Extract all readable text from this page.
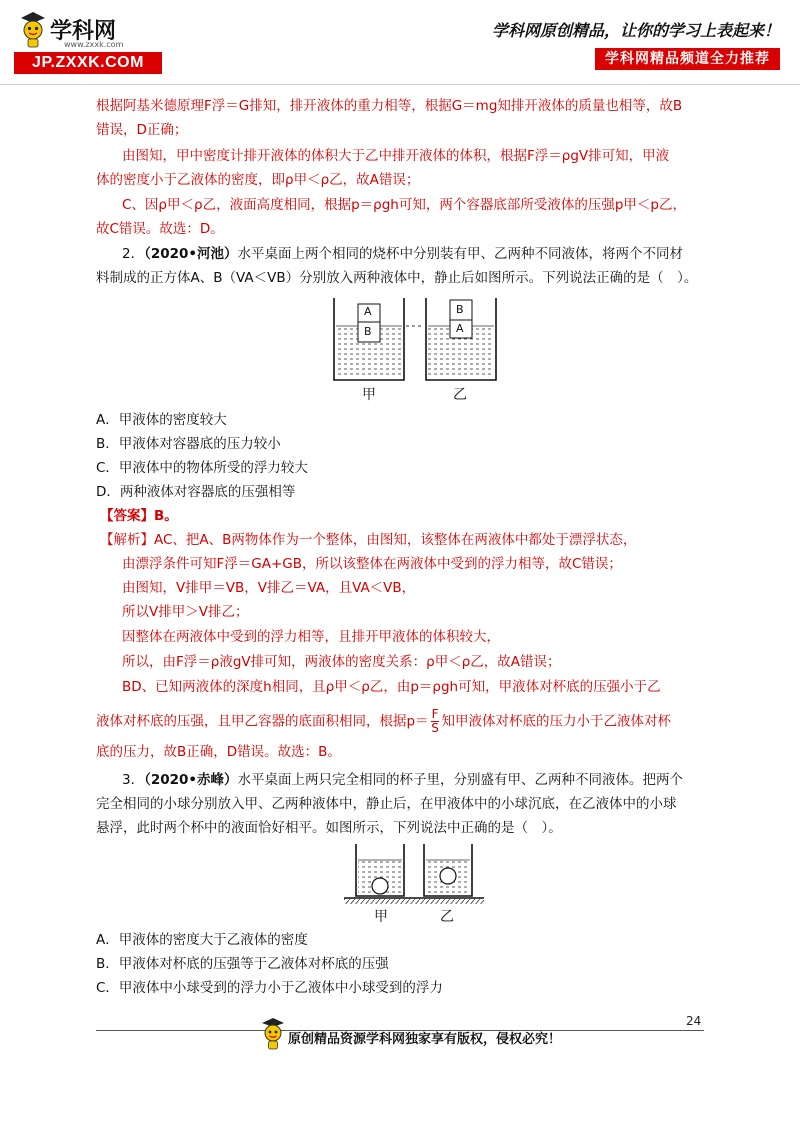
学科网
www.zxxk.com
JP.ZXXK.COM
学科网原创精品，让你的学习上表起来！
学科网精品频道全力推荐
根据阿基米德原理F浮＝G排知，排开液体的重力相等，根据G＝mg知排开液体的质量也相等，故B
错误，D正确；
由图知，甲中密度计排开液体的体积大于乙中排开液体的体积，根据F浮＝ρgV排可知，甲液
体的密度小于乙液体的密度，即ρ甲＜ρ乙，故A错误；
C、因ρ甲＜ρ乙，液面高度相同，根据p＝ρgh可知，两个容器底部所受液体的压强p甲＜p乙，
故C错误。故选：D。
2．（2020•河池）水平桌面上两个相同的烧杯中分别装有甲、乙两种不同液体，将两个不同材
料制成的正方体A、B（VA＜VB）分别放入两种液体中，静止后如图所示。下列说法正确的是（　）。
A
B
B
A
甲	乙
A．甲液体的密度较大
B．甲液体对容器底的压力较小
C．甲液体中的物体所受的浮力较大
D．两种液体对容器底的压强相等
【答案】B。
【解析】AC、把A、B两物体作为一个整体，由图知，该整体在两液体中都处于漂浮状态，
由漂浮条件可知F浮＝GA+GB，所以该整体在两液体中受到的浮力相等，故C错误；
由图知，V排甲＝VB，V排乙＝VA，且VA＜VB，
所以V排甲＞V排乙；
因整体在两液体中受到的浮力相等，且排开甲液体的体积较大，
所以，由F浮＝ρ液gV排可知，两液体的密度关系：ρ甲＜ρ乙，故A错误；
BD、已知两液体的深度h相同，且ρ甲＜ρ乙，由p＝ρgh可知，甲液体对杯底的压强小于乙
液体对杯底的压强，且甲乙容器的底面积相同，根据$p= \frac{F}{S}$ 知甲液体对杯底的压力小于乙液体对杯
底的压力，故B正确，D错误。故选：B。
3．（2020•赤峰）水平桌面上两只完全相同的杯子里，分别盛有甲、乙两种不同液体。把两个
完全相同的小球分别放入甲、乙两种液体中，静止后，在甲液体中的小球沉底，在乙液体中的小球
悬浮，此时两个杯中的液面恰好相平。如图所示，下列说法中正确的是（　）。
甲	乙
A．甲液体的密度大于乙液体的密度
B．甲液体对杯底的压强等于乙液体对杯底的压强
C．甲液体中小球受到的浮力小于乙液体中小球受到的浮力
24
原创精品资源学科网独家享有版权，侵权必究！
